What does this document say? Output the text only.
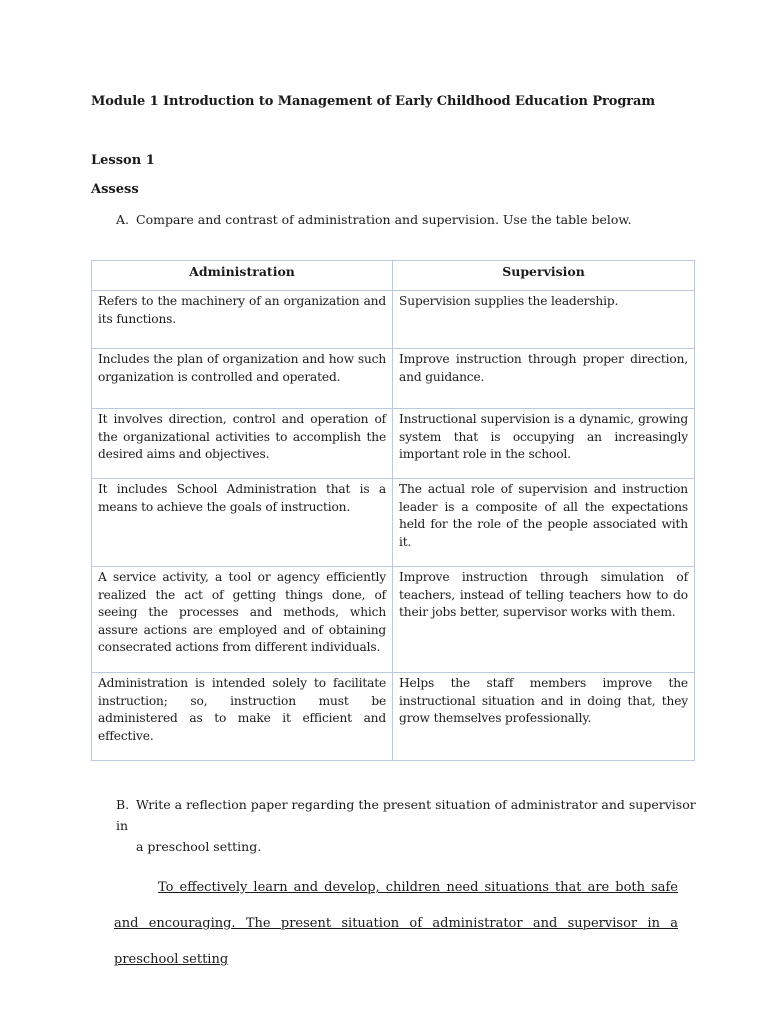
Module 1 Introduction to Management of Early Childhood Education Program
Lesson 1
Assess
A. Compare and contrast of administration and supervision. Use the table below.
Administration	Supervision
Refers to the machinery of an organization and its functions.	Supervision supplies the leadership.
Includes the plan of organization and how such organization is controlled and operated.	Improve instruction through proper direction, and guidance.
It involves direction, control and operation of the organizational activities to accomplish the desired aims and objectives.	Instructional supervision is a dynamic, growing system that is occupying an increasingly important role in the school.
It includes School Administration that is a means to achieve the goals of instruction.	The actual role of supervision and instruction leader is a composite of all the expectations held for the role of the people associated with it.
A service activity, a tool or agency efficiently realized the act of getting things done, of seeing the processes and methods, which assure actions are employed and of obtaining consecrated actions from different individuals.	Improve instruction through simulation of teachers, instead of telling teachers how to do their jobs better, supervisor works with them.
Administration is intended solely to facilitate instruction; so, instruction must be administered as to make it efficient and effective.	Helps the staff members improve the instructional situation and in doing that, they grow themselves professionally.
B. Write a reflection paper regarding the present situation of administrator and supervisor in
a preschool setting.
To effectively learn and develop, children need situations that are both safe and encouraging. The present situation of administrator and supervisor in a preschool setting
